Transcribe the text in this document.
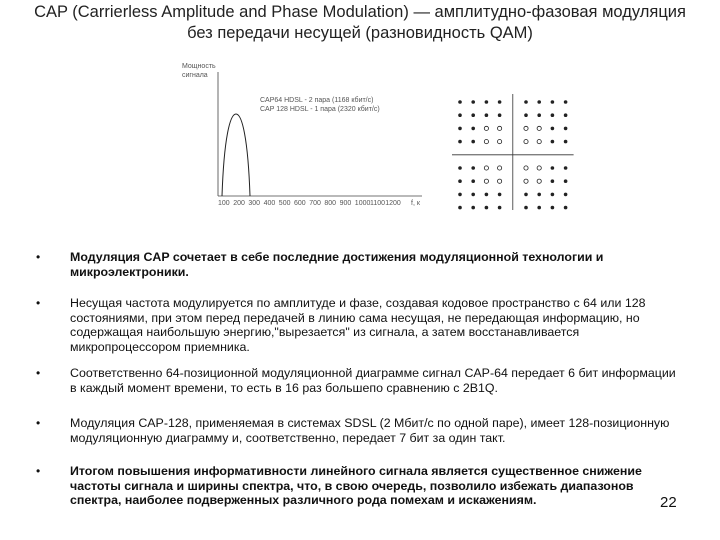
CAP (Carrierless Amplitude and Phase Modulation) — амплитудно-фазовая модуляция без передачи несущей (разновидность QAM)
Мощность
сигнала
CAP64 HDSL - 2 пара (1168 кбит/с)
CAP 128 HDSL - 1 пара (2320 кбит/с)
100 200 300 400 500 600 700 800 900 1000 1100 1200 f, к
• Модуляция CAP сочетает в себе последние достижения модуляционной технологии и микроэлектроники.
• Несущая частота модулируется по амплитуде и фазе, создавая кодовое пространство с 64 или 128 состояниями, при этом перед передачей в линию сама несущая, не передающая информацию, но содержащая наибольшую энергию,"вырезается" из сигнала, а затем восстанавливается микропроцессором приемника.
• Соответственно 64-позиционной модуляционной диаграмме сигнал CAP-64 передает 6 бит информации в каждый момент времени, то есть в 16 раз большепо сравнению с 2B1Q.
• Модуляция CAP-128, применяемая в системах SDSL (2 Мбит/с по одной паре), имеет 128-позиционную модуляционную диаграмму и, соответственно, передает 7 бит за один такт.
• Итогом повышения информативности линейного сигнала является существенное снижение частоты сигнала и ширины спектра, что, в свою очередь, позволило избежать диапазонов спектра, наиболее подверженных различного рода помехам и искажениям.	22
